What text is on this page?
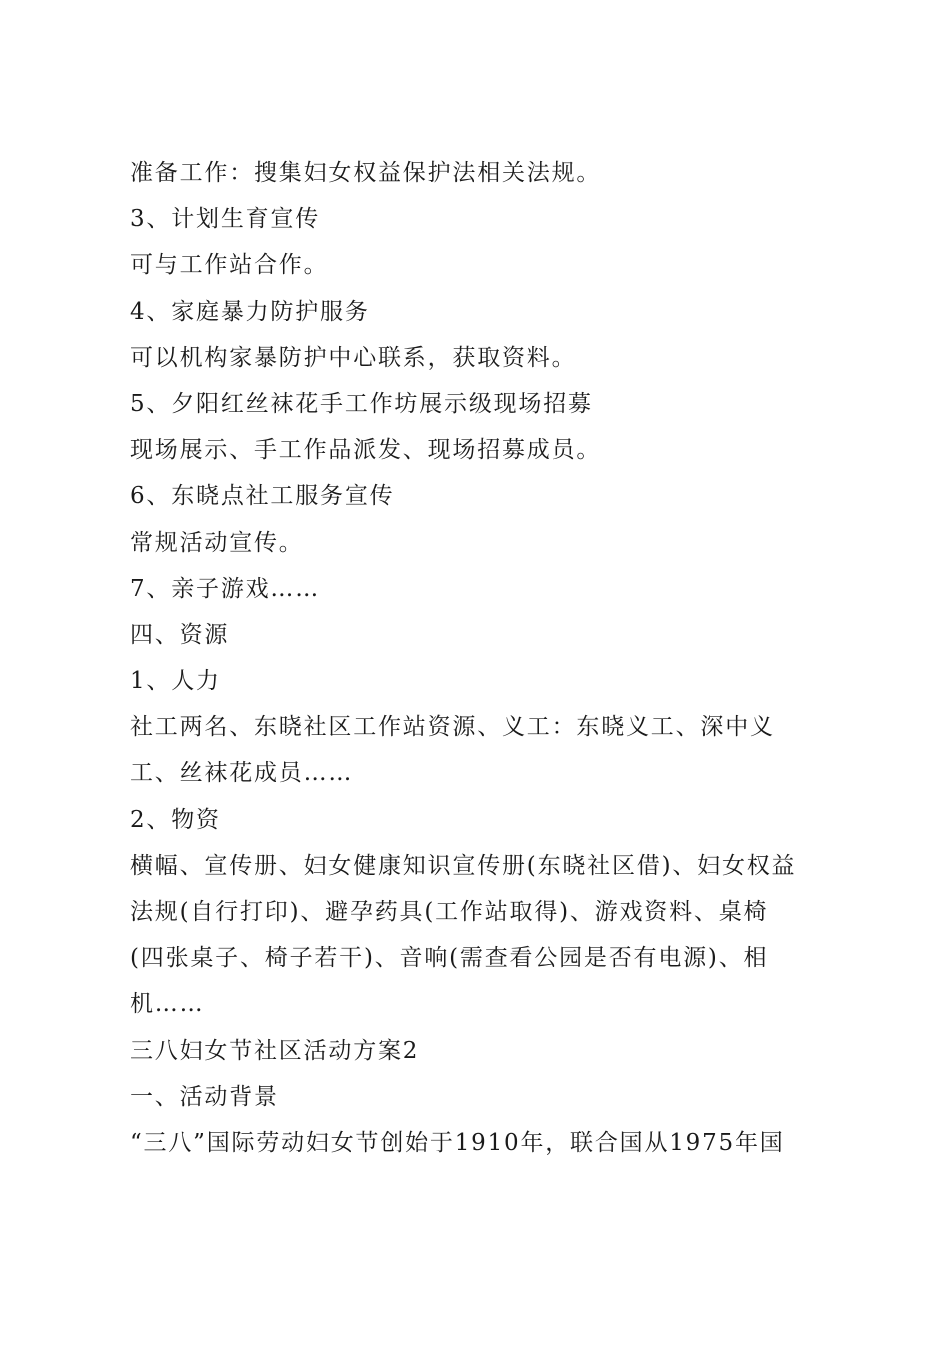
准备工作：搜集妇女权益保护法相关法规。
3、计划生育宣传
可与工作站合作。
4、家庭暴力防护服务
可以机构家暴防护中心联系，获取资料。
5、夕阳红丝袜花手工作坊展示级现场招募
现场展示、手工作品派发、现场招募成员。
6、东晓点社工服务宣传
常规活动宣传。
7、亲子游戏……
四、资源
1、人力
社工两名、东晓社区工作站资源、义工：东晓义工、深中义
工、丝袜花成员……
2、物资
横幅、宣传册、妇女健康知识宣传册(东晓社区借)、妇女权益
法规(自行打印)、避孕药具(工作站取得)、游戏资料、桌椅
(四张桌子、椅子若干)、音响(需查看公园是否有电源)、相
机……
三八妇女节社区活动方案2
一、活动背景
“三八”国际劳动妇女节创始于1910年，联合国从1975年国
